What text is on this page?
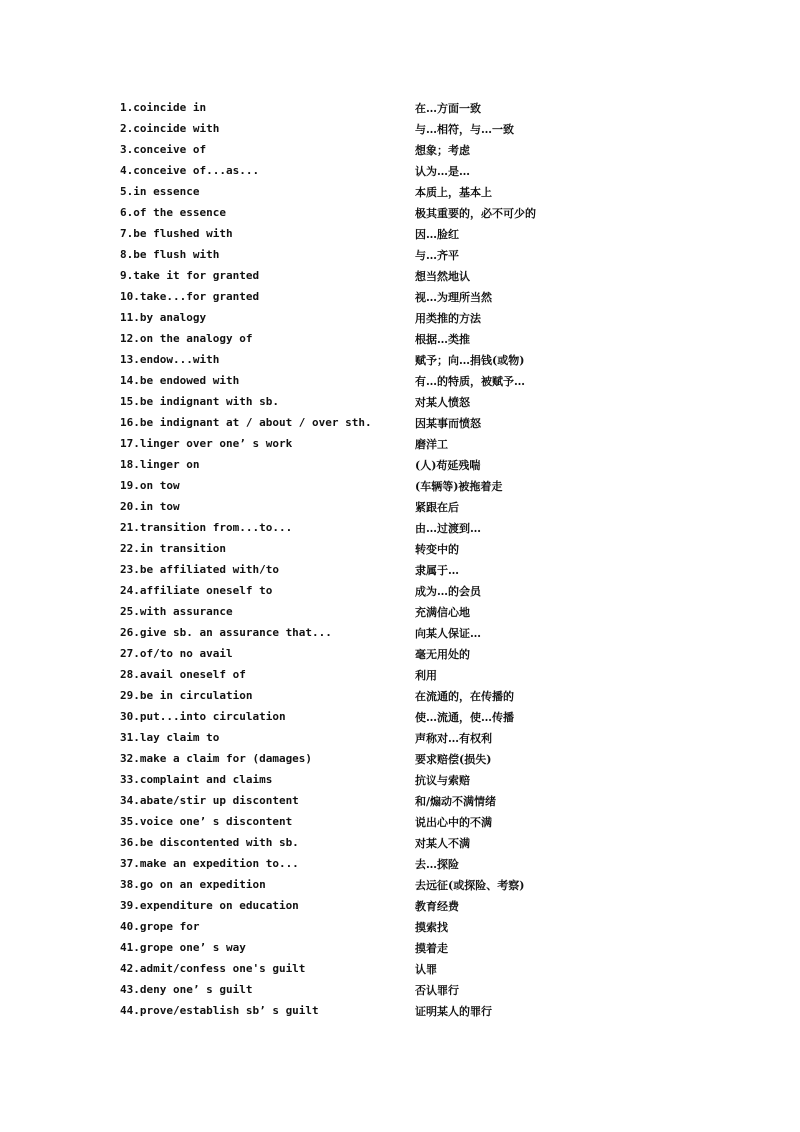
1.coincide in	在…方面一致
2.coincide with	与…相符，与…一致
3.conceive of	想象；考虑
4.conceive of...as...	认为…是…
5.in essence	本质上，基本上
6.of the essence	极其重要的，必不可少的
7.be flushed with	因…脸红
8.be flush with	与…齐平
9.take it for granted	想当然地认
10.take...for granted	视…为理所当然
11.by analogy	用类推的方法
12.on the analogy of	根据…类推
13.endow...with	赋予；向…捐钱(或物)
14.be endowed with	有…的特质，被赋予…
15.be indignant with sb.	对某人愤怒
16.be indignant at / about / over sth.	因某事而愤怒
17.linger over one’ s work	磨洋工
18.linger on	(人)苟延残喘
19.on tow	(车辆等)被拖着走
20.in tow	紧跟在后
21.transition from...to...	由…过渡到…
22.in transition	转变中的
23.be affiliated with/to	隶属于…
24.affiliate oneself to	成为…的会员
25.with assurance	充满信心地
26.give sb. an assurance that...	向某人保证…
27.of/to no avail	毫无用处的
28.avail oneself of	利用
29.be in circulation	在流通的，在传播的
30.put...into circulation	使…流通，使…传播
31.lay claim to	声称对…有权利
32.make a claim for (damages)	要求赔偿(损失)
33.complaint and claims	抗议与索赔
34.abate/stir up discontent	和/煽动不满情绪
35.voice one’ s discontent	说出心中的不满
36.be discontented with sb.	对某人不满
37.make an expedition to...	去…探险
38.go on an expedition	去远征(或探险、考察)
39.expenditure on education	教育经费
40.grope for	摸索找
41.grope one’ s way	摸着走
42.admit/confess one's guilt	认罪
43.deny one’ s guilt	否认罪行
44.prove/establish sb’ s guilt	证明某人的罪行
